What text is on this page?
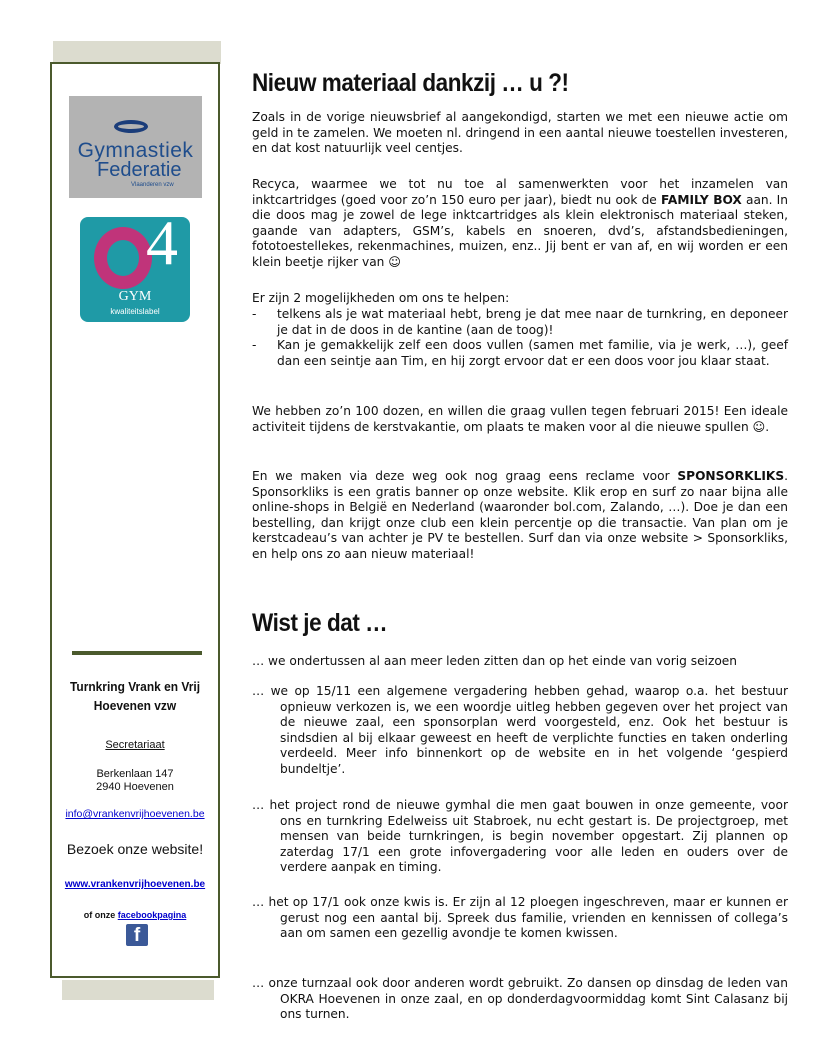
Gymnastiek
Federatie
Vlaanderen vzw
4
GYM
kwaliteitslabel
Turnkring Vrank en Vrij Hoevenen vzw
Secretariaat
Berkenlaan 147
2940 Hoevenen
info@vrankenvrijhoevenen.be
Bezoek onze website!
www.vrankenvrijhoevenen.be
of onze facebookpagina
f
Nieuw materiaal dankzij … u ?!

Zoals in de vorige nieuwsbrief al aangekondigd, starten we met een nieuwe actie om geld in te zamelen. We moeten nl. dringend in een aantal nieuwe toestellen investeren, en dat kost natuurlijk veel centjes.

Recyca, waarmee we tot nu toe al samenwerkten voor het inzamelen van inktcartridges (goed voor zo’n 150 euro per jaar), biedt nu ook de FAMILY BOX aan. In die doos mag je zowel de lege inktcartridges als klein elektronisch materiaal steken, gaande van adapters, GSM’s, kabels en snoeren, dvd’s, afstandsbedieningen, fototoestellekes, rekenmachines, muizen, enz.. Jij bent er van af, en wij worden er een klein beetje rijker van ☺

Er zijn 2 mogelijkheden om ons te helpen:

- telkens als je wat materiaal hebt, breng je dat mee naar de turnkring, en deponeer je dat in de doos in de kantine (aan de toog)!
- Kan je gemakkelijk zelf een doos vullen (samen met familie, via je werk, …), geef dan een seintje aan Tim, en hij zorgt ervoor dat er een doos voor jou klaar staat.

We hebben zo’n 100 dozen, en willen die graag vullen tegen februari 2015! Een ideale activiteit tijdens de kerstvakantie, om plaats te maken voor al die nieuwe spullen ☺.

En we maken via deze weg ook nog graag eens reclame voor SPONSORKLIKS. Sponsorkliks is een gratis banner op onze website. Klik erop en surf zo naar bijna alle online-shops in België en Nederland (waaronder bol.com, Zalando, …). Doe je dan een bestelling, dan krijgt onze club een klein percentje op die transactie. Van plan om je kerstcadeau’s van achter je PV te bestellen. Surf dan via onze website > Sponsorkliks, en help ons zo aan nieuw materiaal!

Wist je dat …

… we ondertussen al aan meer leden zitten dan op het einde van vorig seizoen

… we op 15/11 een algemene vergadering hebben gehad, waarop o.a. het bestuur opnieuw verkozen is, we een woordje uitleg hebben gegeven over het project van de nieuwe zaal, een sponsorplan werd voorgesteld, enz. Ook het bestuur is sindsdien al bij elkaar geweest en heeft de verplichte functies en taken onderling verdeeld. Meer info binnenkort op de website en in het volgende ‘gespierd bundeltje’.

… het project rond de nieuwe gymhal die men gaat bouwen in onze gemeente, voor ons en turnkring Edelweiss uit Stabroek, nu echt gestart is. De projectgroep, met mensen van beide turnkringen, is begin november opgestart. Zij plannen op zaterdag 17/1 een grote infovergadering voor alle leden en ouders over de verdere aanpak en timing.

… het op 17/1 ook onze kwis is. Er zijn al 12 ploegen ingeschreven, maar er kunnen er gerust nog een aantal bij. Spreek dus familie, vrienden en kennissen of collega’s aan om samen een gezellig avondje te komen kwissen.

… onze turnzaal ook door anderen wordt gebruikt. Zo dansen op dinsdag de leden van OKRA Hoevenen in onze zaal, en op donderdagvoormiddag komt Sint Calasanz bij ons turnen.
